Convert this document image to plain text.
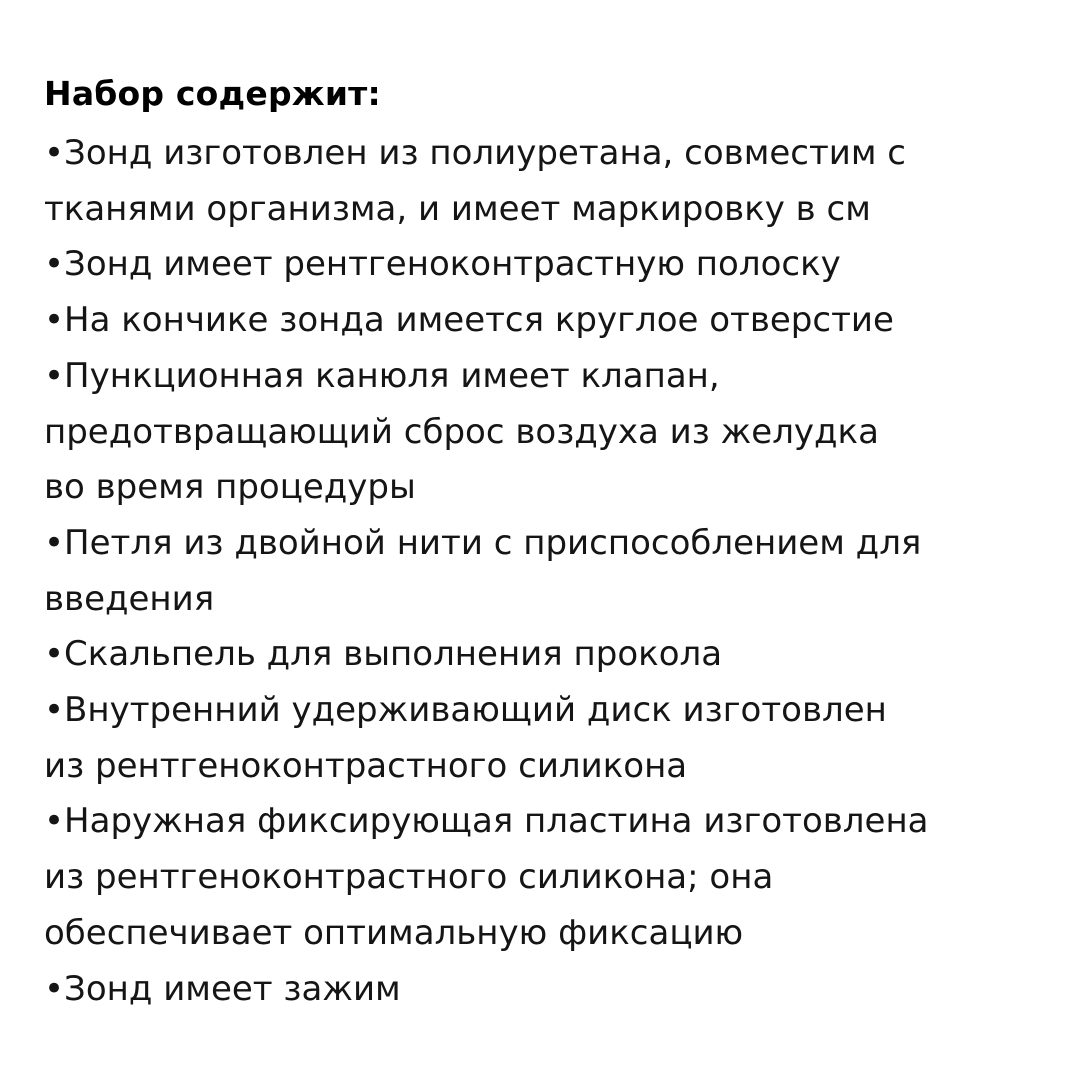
Набор содержит:
•Зонд изготовлен из полиуретана, совместим с
тканями организма, и имеет маркировку в см
•Зонд имеет рентгеноконтрастную полоску
•На кончике зонда имеется круглое отверстие
•Пункционная канюля имеет клапан,
предотвращающий сброс воздуха из желудка
во время процедуры
•Петля из двойной нити с приспособлением для
введения
•Скальпель для выполнения прокола
•Внутренний удерживающий диск изготовлен
из рентгеноконтрастного силикона
•Наружная фиксирующая пластина изготовлена
из рентгеноконтрастного силикона; она
обеспечивает оптимальную фиксацию
•Зонд имеет зажим
